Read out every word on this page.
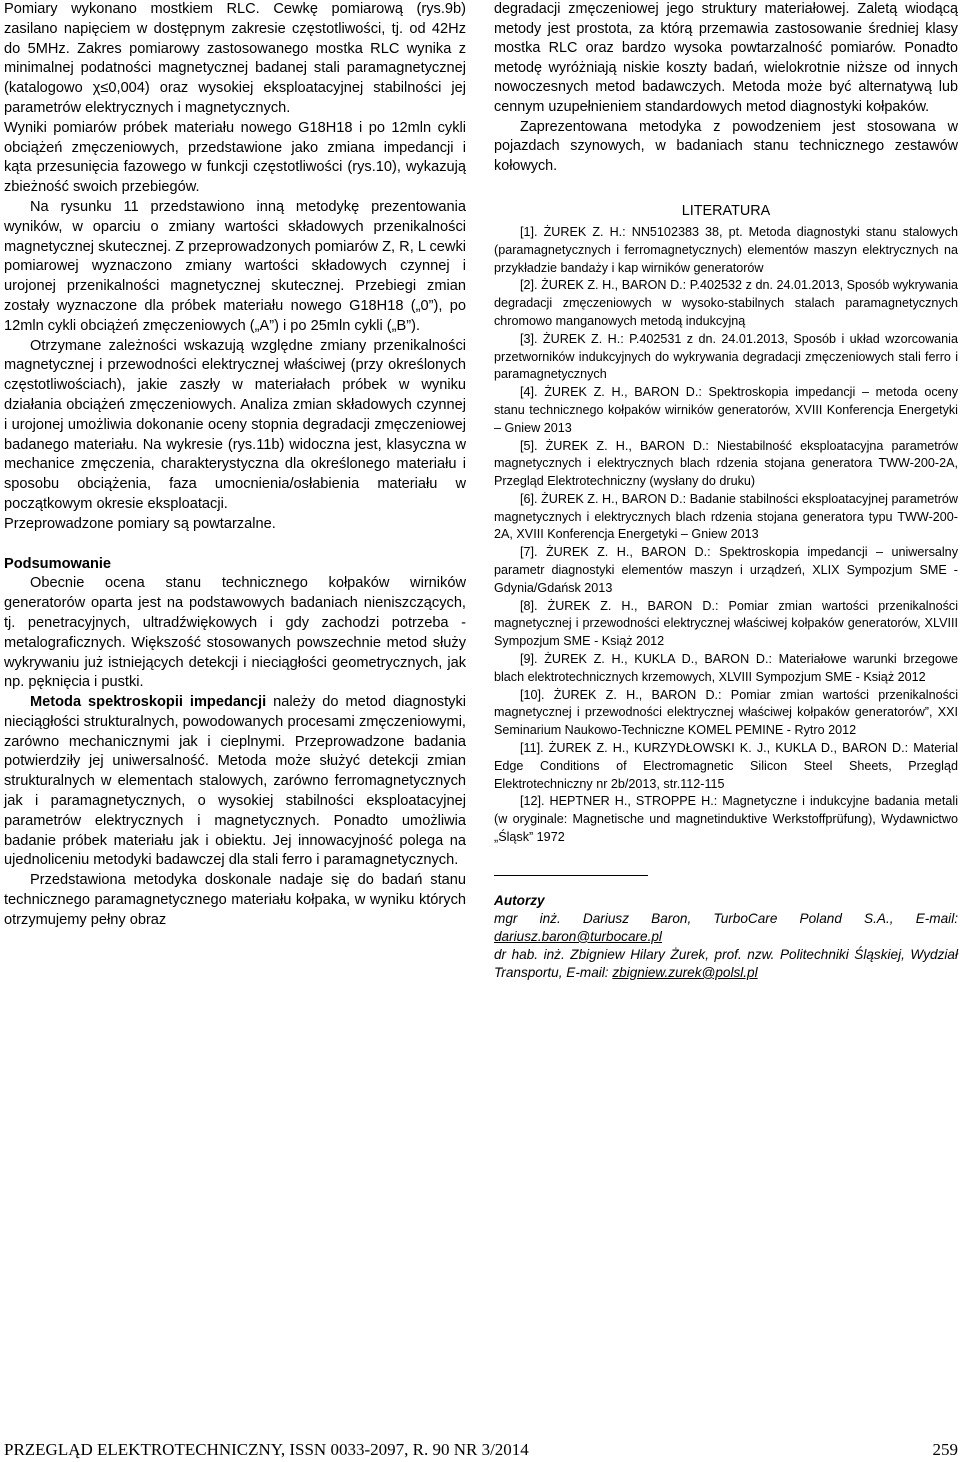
Pomiary wykonano mostkiem RLC. Cewkę pomiarową (rys.9b) zasilano napięciem w dostępnym zakresie częstotliwości, tj. od 42Hz do 5MHz. Zakres pomiarowy zastosowanego mostka RLC wynika z minimalnej podatności magnetycznej badanej stali paramagnetycznej (katalogowo χ≤0,004) oraz wysokiej eksploatacyjnej stabilności jej parametrów elektrycznych i magnetycznych.

Wyniki pomiarów próbek materiału nowego G18H18 i po 12mln cykli obciążeń zmęczeniowych, przedstawione jako zmiana impedancji i kąta przesunięcia fazowego w funkcji częstotliwości (rys.10), wykazują zbieżność swoich przebiegów.

Na rysunku 11 przedstawiono inną metodykę prezentowania wyników, w oparciu o zmiany wartości składowych przenikalności magnetycznej skutecznej. Z przeprowadzonych pomiarów Z, R, L cewki pomiarowej wyznaczono zmiany wartości składowych czynnej i urojonej przenikalności magnetycznej skutecznej. Przebiegi zmian zostały wyznaczone dla próbek materiału nowego G18H18 („0”), po 12mln cykli obciążeń zmęczeniowych („A”) i po 25mln cykli („B”).

Otrzymane zależności wskazują względne zmiany przenikalności magnetycznej i przewodności elektrycznej właściwej (przy określonych częstotliwościach), jakie zaszły w materiałach próbek w wyniku działania obciążeń zmęczeniowych. Analiza zmian składowych czynnej i urojonej umożliwia dokonanie oceny stopnia degradacji zmęczeniowej badanego materiału. Na wykresie (rys.11b) widoczna jest, klasyczna w mechanice zmęczenia, charakterystyczna dla określonego materiału i sposobu obciążenia, faza umocnienia/osłabienia materiału w początkowym okresie eksploatacji.

Przeprowadzone pomiary są powtarzalne.

Podsumowanie

Obecnie ocena stanu technicznego kołpaków wirników generatorów oparta jest na podstawowych badaniach nieniszczących, tj. penetracyjnych, ultradźwiękowych i gdy zachodzi potrzeba - metalograficznych. Większość stosowanych powszechnie metod służy wykrywaniu już istniejących detekcji i nieciągłości geometrycznych, jak np. pęknięcia i pustki.

Metoda spektroskopii impedancji należy do metod diagnostyki nieciągłości strukturalnych, powodowanych procesami zmęczeniowymi, zarówno mechanicznymi jak i cieplnymi. Przeprowadzone badania potwierdziły jej uniwersalność. Metoda może służyć detekcji zmian strukturalnych w elementach stalowych, zarówno ferromagnetycznych jak i paramagnetycznych, o wysokiej stabilności eksploatacyjnej parametrów elektrycznych i magnetycznych. Ponadto umożliwia badanie próbek materiału jak i obiektu. Jej innowacyjność polega na ujednoliceniu metodyki badawczej dla stali ferro i paramagnetycznych.

Przedstawiona metodyka doskonale nadaje się do badań stanu technicznego paramagnetycznego materiału kołpaka, w wyniku których otrzymujemy pełny obraz

degradacji zmęczeniowej jego struktury materiałowej. Zaletą wiodącą metody jest prostota, za którą przemawia zastosowanie średniej klasy mostka RLC oraz bardzo wysoka powtarzalność pomiarów. Ponadto metodę wyróżniają niskie koszty badań, wielokrotnie niższe od innych nowoczesnych metod badawczych. Metoda może być alternatywą lub cennym uzupełnieniem standardowych metod diagnostyki kołpaków.

Zaprezentowana metodyka z powodzeniem jest stosowana w pojazdach szynowych, w badaniach stanu technicznego zestawów kołowych.

LITERATURA

[1]. ŻUREK Z. H.: NN5102383 38, pt. Metoda diagnostyki stanu stalowych (paramagnetycznych i ferromagnetycznych) elementów maszyn elektrycznych na przykładzie bandaży i kap wirników generatorów

[2]. ŻUREK Z. H., BARON D.: P.402532 z dn. 24.01.2013, Sposób wykrywania degradacji zmęczeniowych w wysoko-stabilnych stalach paramagnetycznych chromowo manganowych metodą indukcyjną

[3]. ŻUREK Z. H.: P.402531 z dn. 24.01.2013, Sposób i układ wzorcowania przetworników indukcyjnych do wykrywania degradacji zmęczeniowych stali ferro i paramagnetycznych

[4]. ŻUREK Z. H., BARON D.: Spektroskopia impedancji – metoda oceny stanu technicznego kołpaków wirników generatorów, XVIII Konferencja Energetyki – Gniew 2013

[5]. ŻUREK Z. H., BARON D.: Niestabilność eksploatacyjna parametrów magnetycznych i elektrycznych blach rdzenia stojana generatora TWW-200-2A, Przegląd Elektrotechniczny (wysłany do druku)

[6]. ŻUREK Z. H., BARON D.: Badanie stabilności eksploatacyjnej parametrów magnetycznych i elektrycznych blach rdzenia stojana generatora typu TWW-200-2A, XVIII Konferencja Energetyki – Gniew 2013

[7]. ŻUREK Z. H., BARON D.: Spektroskopia impedancji – uniwersalny parametr diagnostyki elementów maszyn i urządzeń, XLIX Sympozjum SME - Gdynia/Gdańsk 2013

[8]. ŻUREK Z. H., BARON D.: Pomiar zmian wartości przenikalności magnetycznej i przewodności elektrycznej właściwej kołpaków generatorów, XLVIII Sympozjum SME - Książ 2012

[9]. ŻUREK Z. H., KUKLA D., BARON D.: Materiałowe warunki brzegowe blach elektrotechnicznych krzemowych, XLVIII Sympozjum SME - Książ 2012

[10]. ŻUREK Z. H., BARON D.: Pomiar zmian wartości przenikalności magnetycznej i przewodności elektrycznej właściwej kołpaków generatorów”, XXI Seminarium Naukowo-Techniczne KOMEL PEMINE - Rytro 2012

[11]. ŻUREK Z. H., KURZYDŁOWSKI K. J., KUKLA D., BARON D.: Material Edge Conditions of Electromagnetic Silicon Steel Sheets, Przegląd Elektrotechniczny nr 2b/2013, str.112-115

[12]. HEPTNER H., STROPPE H.: Magnetyczne i indukcyjne badania metali (w oryginale: Magnetische und magnetinduktive Werkstoffprüfung), Wydawnictwo „Śląsk” 1972

Autorzy

mgr inż. Dariusz Baron, TurboCare Poland S.A., E-mail: dariusz.baron@turbocare.pl

dr hab. inż. Zbigniew Hilary Żurek, prof. nzw. Politechniki Śląskiej, Wydział Transportu, E-mail: zbigniew.zurek@polsl.pl

PRZEGLĄD ELEKTROTECHNICZNY, ISSN 0033-2097, R. 90 NR 3/2014	259
